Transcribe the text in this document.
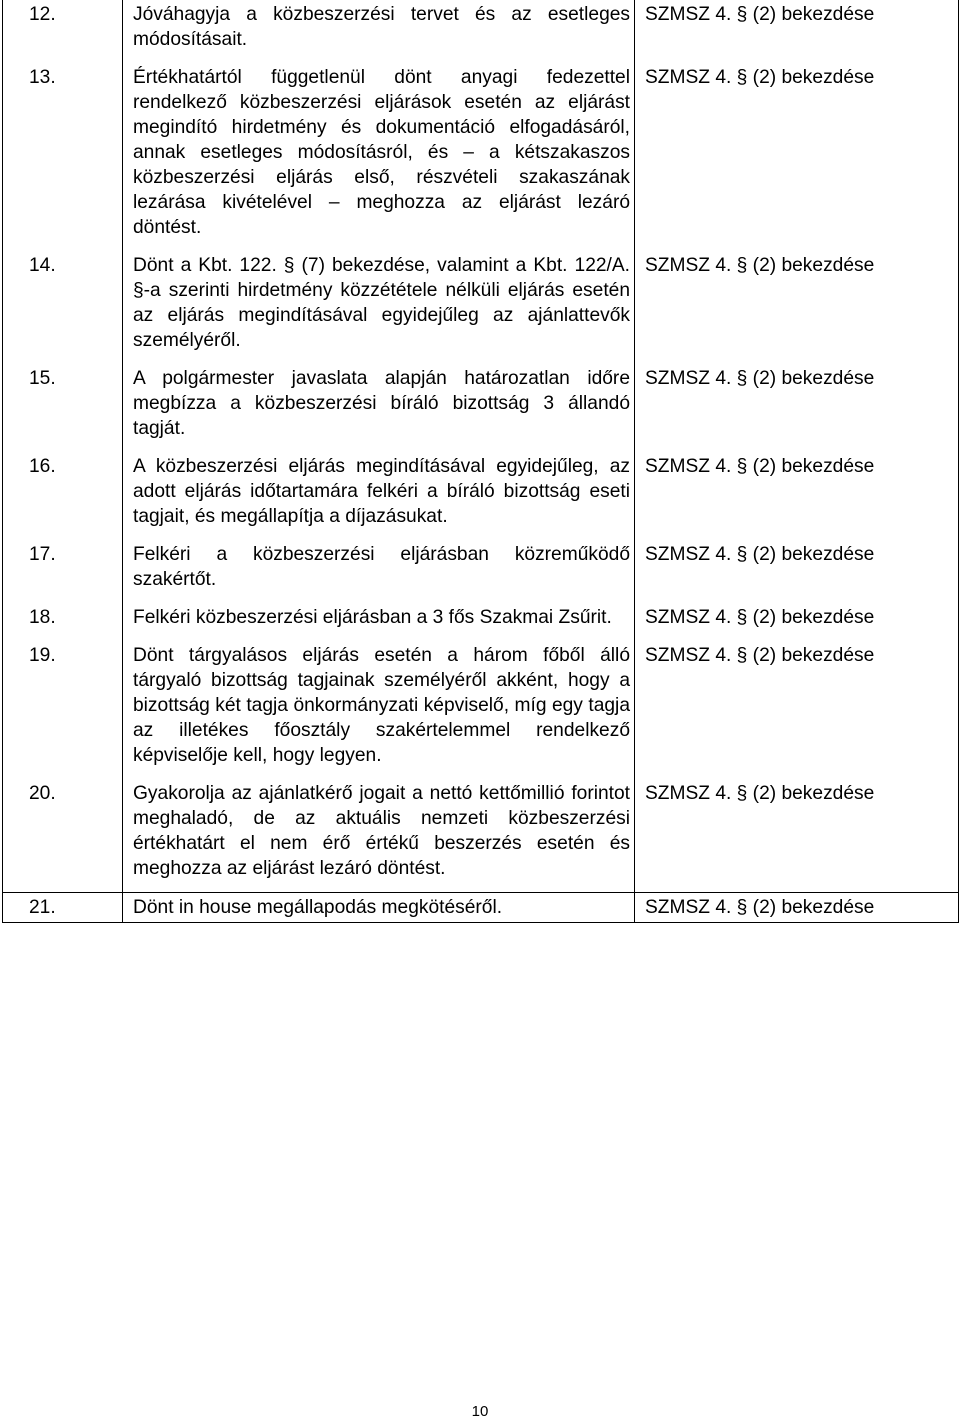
12.	Jóváhagyja a közbeszerzési tervet és az esetleges módosításait.	SZMSZ 4. § (2) bekezdése
13.	Értékhatártól függetlenül dönt anyagi fedezettel rendelkező közbeszerzési eljárások esetén az eljárást megindító hirdetmény és dokumentáció elfogadásáról, annak esetleges módosításról, és – a kétszakaszos közbeszerzési eljárás első, részvételi szakaszának lezárása kivételével – meghozza az eljárást lezáró döntést.	SZMSZ 4. § (2) bekezdése
14.	Dönt a Kbt. 122. § (7) bekezdése, valamint a Kbt. 122/A. §-a szerinti hirdetmény közzététele nélküli eljárás esetén az eljárás megindításával egyidejűleg az ajánlattevők személyéről.	SZMSZ 4. § (2) bekezdése
15.	A polgármester javaslata alapján határozatlan időre megbízza a közbeszerzési bíráló bizottság 3 állandó tagját.	SZMSZ 4. § (2) bekezdése
16.	A közbeszerzési eljárás megindításával egyidejűleg, az adott eljárás időtartamára felkéri a bíráló bizottság eseti tagjait, és megállapítja a díjazásukat.	SZMSZ 4. § (2) bekezdése
17.	Felkéri a közbeszerzési eljárásban közreműködő szakértőt.	SZMSZ 4. § (2) bekezdése
18.	Felkéri közbeszerzési eljárásban a 3 fős Szakmai Zsűrit.	SZMSZ 4. § (2) bekezdése
19.	Dönt tárgyalásos eljárás esetén a három főből álló tárgyaló bizottság tagjainak személyéről akként, hogy a bizottság két tagja önkormányzati képviselő, míg egy tagja az illetékes főosztály szakértelemmel rendelkező képviselője kell, hogy legyen.	SZMSZ 4. § (2) bekezdése
20.	Gyakorolja az ajánlatkérő jogait a nettó kettőmillió forintot meghaladó, de az aktuális nemzeti közbeszerzési értékhatárt el nem érő értékű beszerzés esetén és meghozza az eljárást lezáró döntést.	SZMSZ 4. § (2) bekezdése
21.	Dönt in house megállapodás megkötéséről.	SZMSZ 4. § (2) bekezdése
10
